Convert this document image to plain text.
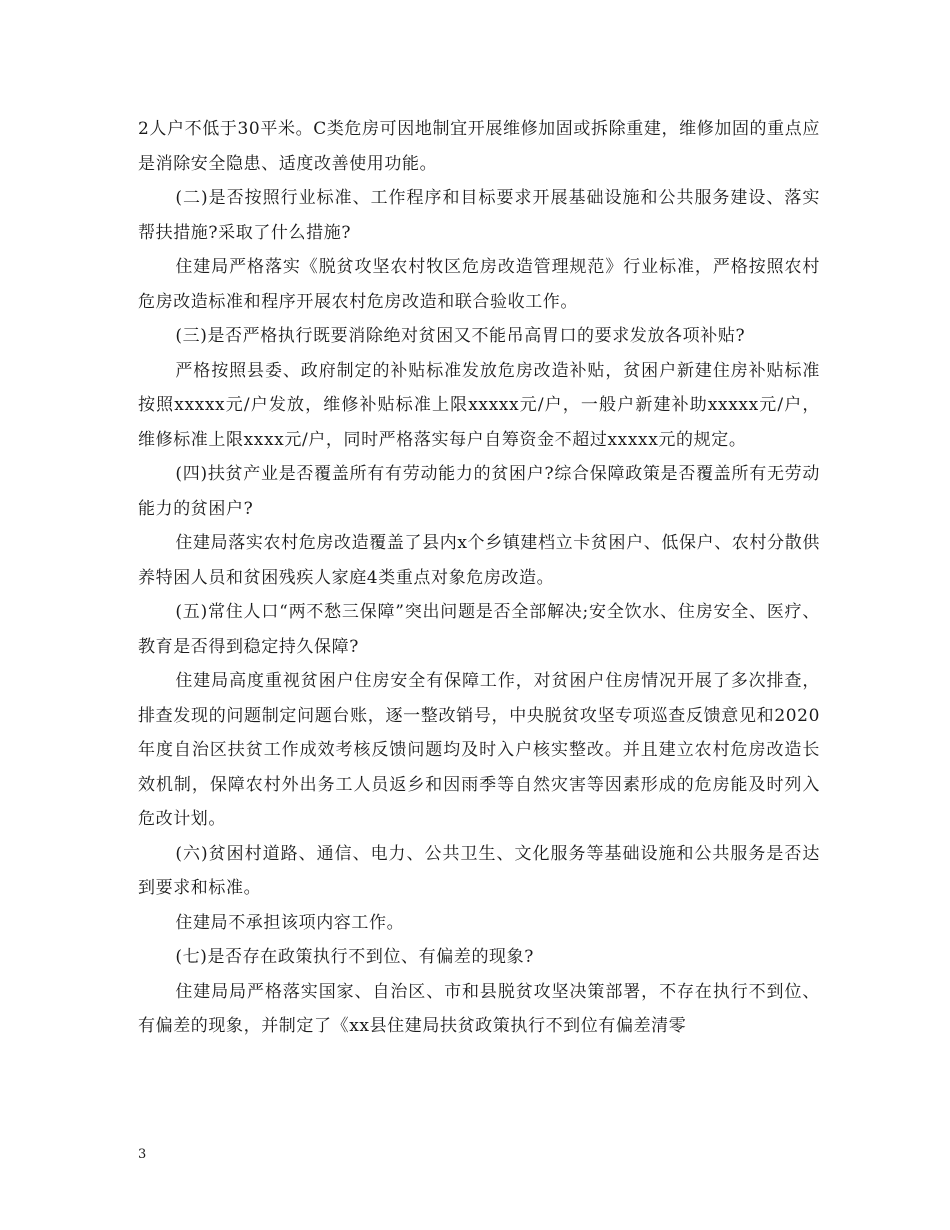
2人户不低于30平米。C类危房可因地制宜开展维修加固或拆除重建，维修加固的重点应是消除安全隐患、适度改善使用功能。

(二)是否按照行业标准、工作程序和目标要求开展基础设施和公共服务建设、落实帮扶措施?采取了什么措施?

住建局严格落实《脱贫攻坚农村牧区危房改造管理规范》行业标准，严格按照农村危房改造标准和程序开展农村危房改造和联合验收工作。

(三)是否严格执行既要消除绝对贫困又不能吊高胃口的要求发放各项补贴?

严格按照县委、政府制定的补贴标准发放危房改造补贴，贫困户新建住房补贴标准按照xxxxx元/户发放，维修补贴标准上限xxxxx元/户，一般户新建补助xxxxx元/户，维修标准上限xxxx元/户，同时严格落实每户自筹资金不超过xxxxx元的规定。

(四)扶贫产业是否覆盖所有有劳动能力的贫困户?综合保障政策是否覆盖所有无劳动能力的贫困户?

住建局落实农村危房改造覆盖了县内x个乡镇建档立卡贫困户、低保户、农村分散供养特困人员和贫困残疾人家庭4类重点对象危房改造。

(五)常住人口“两不愁三保障”突出问题是否全部解决;安全饮水、住房安全、医疗、教育是否得到稳定持久保障?

住建局高度重视贫困户住房安全有保障工作，对贫困户住房情况开展了多次排查，排查发现的问题制定问题台账，逐一整改销号，中央脱贫攻坚专项巡查反馈意见和2020年度自治区扶贫工作成效考核反馈问题均及时入户核实整改。并且建立农村危房改造长效机制，保障农村外出务工人员返乡和因雨季等自然灾害等因素形成的危房能及时列入危改计划。

(六)贫困村道路、通信、电力、公共卫生、文化服务等基础设施和公共服务是否达到要求和标准。

住建局不承担该项内容工作。

(七)是否存在政策执行不到位、有偏差的现象?

住建局局严格落实国家、自治区、市和县脱贫攻坚决策部署，不存在执行不到位、有偏差的现象，并制定了《xx县住建局扶贫政策执行不到位有偏差清零

3
